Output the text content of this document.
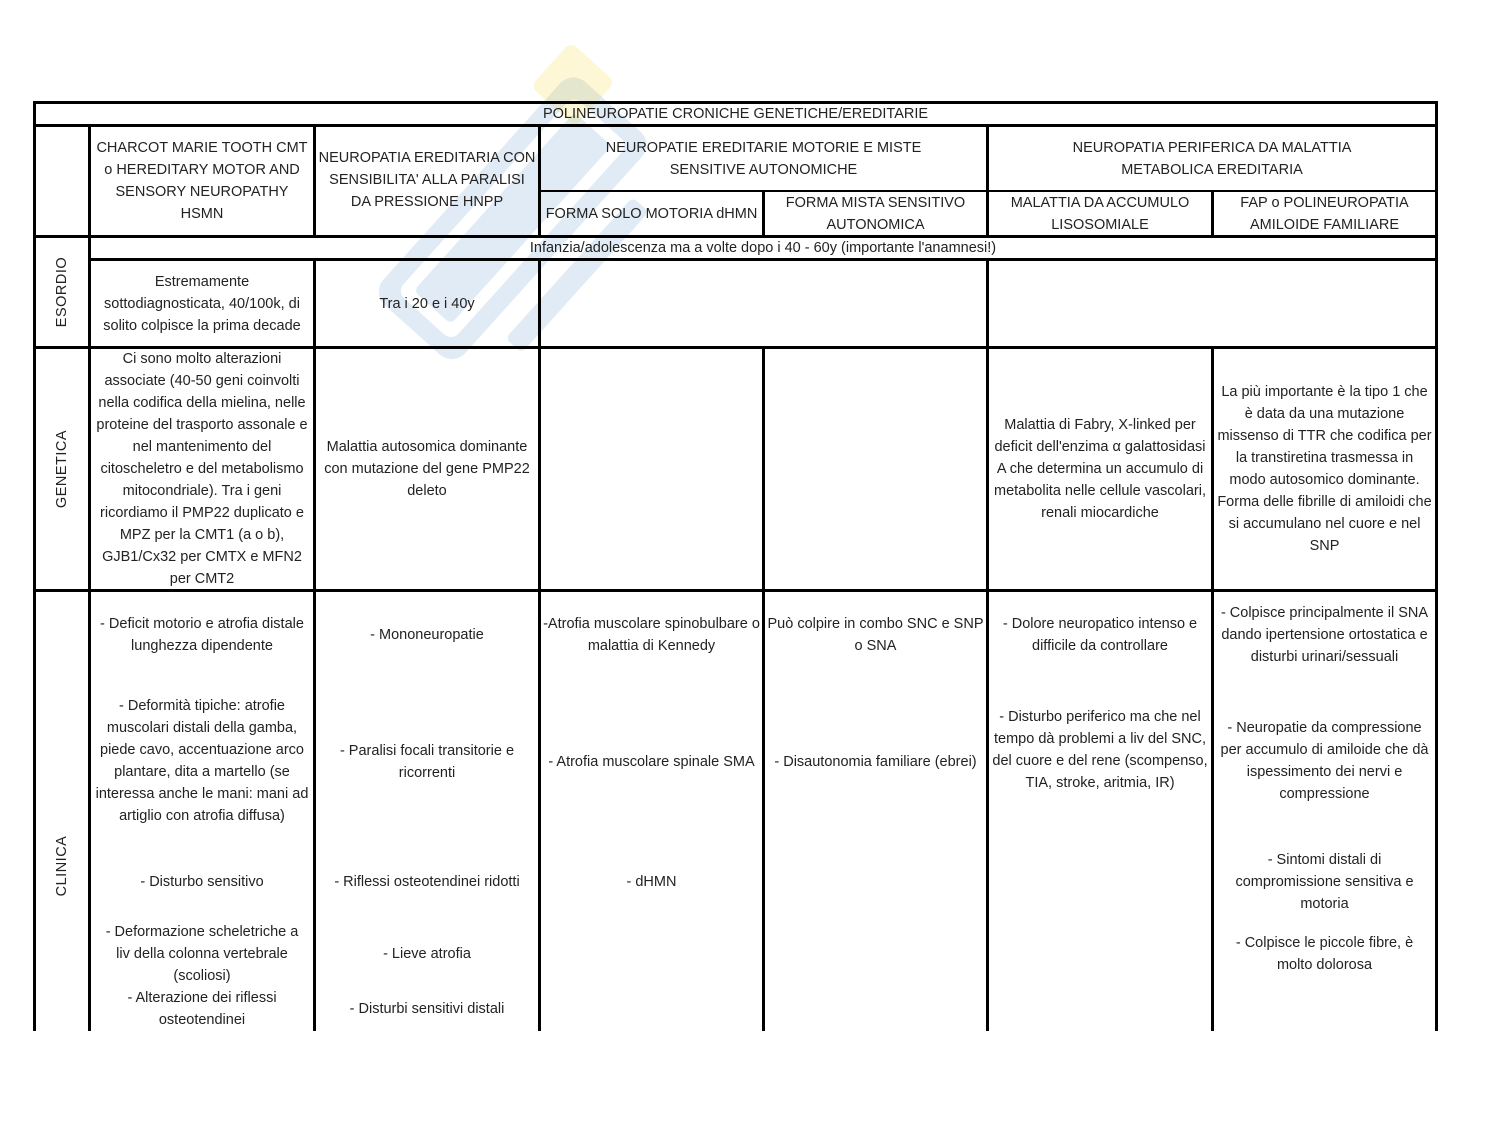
POLINEUROPATIE CRONICHE GENETICHE/EREDITARIE
CHARCOT MARIE TOOTH CMT o HEREDITARY MOTOR AND SENSORY NEUROPATHY HSMN
NEUROPATIA EREDITARIA CON SENSIBILITA' ALLA PARALISI DA PRESSIONE HNPP
NEUROPATIE EREDITARIE MOTORIE E MISTE SENSITIVE AUTONOMICHE
NEUROPATIA PERIFERICA DA MALATTIA METABOLICA EREDITARIA
FORMA SOLO MOTORIA dHMN
FORMA MISTA SENSITIVO AUTONOMICA
MALATTIA DA ACCUMULO LISOSOMIALE
FAP o POLINEUROPATIA AMILOIDE FAMILIARE
ESORDIO
GENETICA
CLINICA
Infanzia/adolescenza ma a volte dopo i 40 - 60y (importante l'anamnesi!)
Estremamente sottodiagnosticata, 40/100k, di solito colpisce la prima decade
Tra i 20 e i 40y
Ci sono molto alterazioni associate (40-50 geni coinvolti nella codifica della mielina, nelle proteine del trasporto assonale e nel mantenimento del citoscheletro e del metabolismo mitocondriale). Tra i geni ricordiamo il PMP22 duplicato e MPZ per la CMT1 (a o b), GJB1/Cx32 per CMTX e MFN2 per CMT2
Malattia autosomica dominante con mutazione del gene PMP22 deleto
Malattia di Fabry, X-linked per deficit dell'enzima α galattosidasi A che determina un accumulo di metabolita nelle cellule vascolari, renali miocardiche
La più importante è la tipo 1 che è data da una mutazione missenso di TTR che codifica per la transtiretina trasmessa in modo autosomico dominante. Forma delle fibrille di amiloidi che si accumulano nel cuore e nel SNP
- Deficit motorio e atrofia distale lunghezza dipendente
- Deformità tipiche: atrofie muscolari distali della gamba, piede cavo, accentuazione arco plantare, dita a martello (se interessa anche le mani: mani ad artiglio con atrofia diffusa)
- Disturbo sensitivo
- Deformazione scheletriche a liv della colonna vertebrale (scoliosi)
- Alterazione dei riflessi osteotendinei
- Mononeuropatie
- Paralisi focali transitorie e ricorrenti
- Riflessi osteotendinei ridotti
- Lieve atrofia
- Disturbi sensitivi distali
-Atrofia muscolare spinobulbare o malattia di Kennedy
- Atrofia muscolare spinale SMA
- dHMN
Può colpire in combo SNC e SNP o SNA
- Disautonomia familiare (ebrei)
- Dolore neuropatico intenso e difficile da controllare
- Disturbo periferico ma che nel tempo dà problemi a liv del SNC, del cuore e del rene (scompenso, TIA, stroke, aritmia, IR)
- Colpisce principalmente il SNA dando ipertensione ortostatica e disturbi urinari/sessuali
- Neuropatie da compressione per accumulo di amiloide che dà ispessimento dei nervi e compressione
- Sintomi distali di compromissione sensitiva e motoria
- Colpisce le piccole fibre, è molto dolorosa
